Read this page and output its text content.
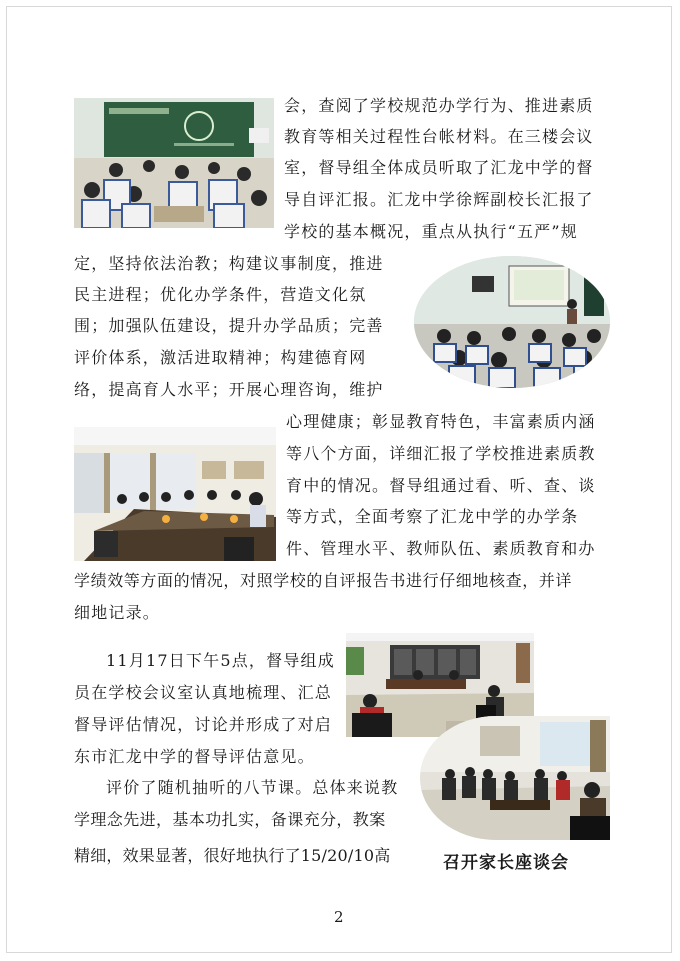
会，查阅了学校规范办学行为、推进素质
教育等相关过程性台帐材料。在三楼会议
室，督导组全体成员听取了汇龙中学的督
导自评汇报。汇龙中学徐辉副校长汇报了
学校的基本概况，重点从执行“五严”规
定，坚持依法治教；构建议事制度，推进
民主进程；优化办学条件，营造文化氛
围；加强队伍建设，提升办学品质；完善
评价体系，激活进取精神；构建德育网
络，提高育人水平；开展心理咨询，维护
心理健康；彰显教育特色，丰富素质内涵
等八个方面，详细汇报了学校推进素质教
育中的情况。督导组通过看、听、查、谈
等方式，全面考察了汇龙中学的办学条
件、管理水平、教师队伍、素质教育和办
学绩效等方面的情况，对照学校的自评报告书进行仔细地核查，并详
细地记录。
11月17日下午5点，督导组成
员在学校会议室认真地梳理、汇总
督导评估情况，讨论并形成了对启
东市汇龙中学的督导评估意见。
评价了随机抽听的八节课。总体来说教
学理念先进，基本功扎实，备课充分，教案
精细，效果显著，很好地执行了15/20/10高	召开家长座谈会
2
